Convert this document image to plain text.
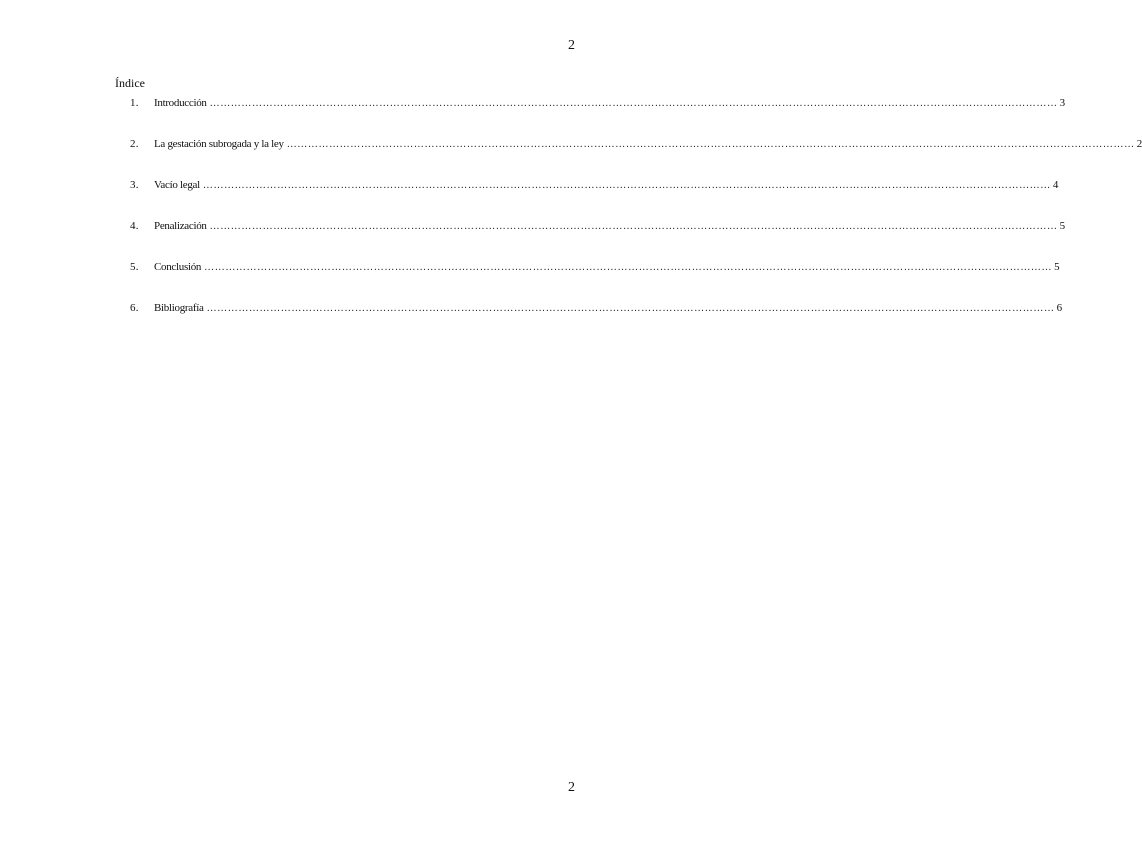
2
Índice
1.	Introducción …………………………………………………………………………………………………………………………………………………………………………………………………………………… 3
2.	La gestación subrogada y la ley …………………………………………………………………………………………………………………………………………………………………………………………………………………… 2
3.	Vacío legal …………………………………………………………………………………………………………………………………………………………………………………………………………………… 4
4.	Penalización …………………………………………………………………………………………………………………………………………………………………………………………………………………… 5
5.	Conclusión …………………………………………………………………………………………………………………………………………………………………………………………………………………… 5
6.	Bibliografía …………………………………………………………………………………………………………………………………………………………………………………………………………………… 6
2
